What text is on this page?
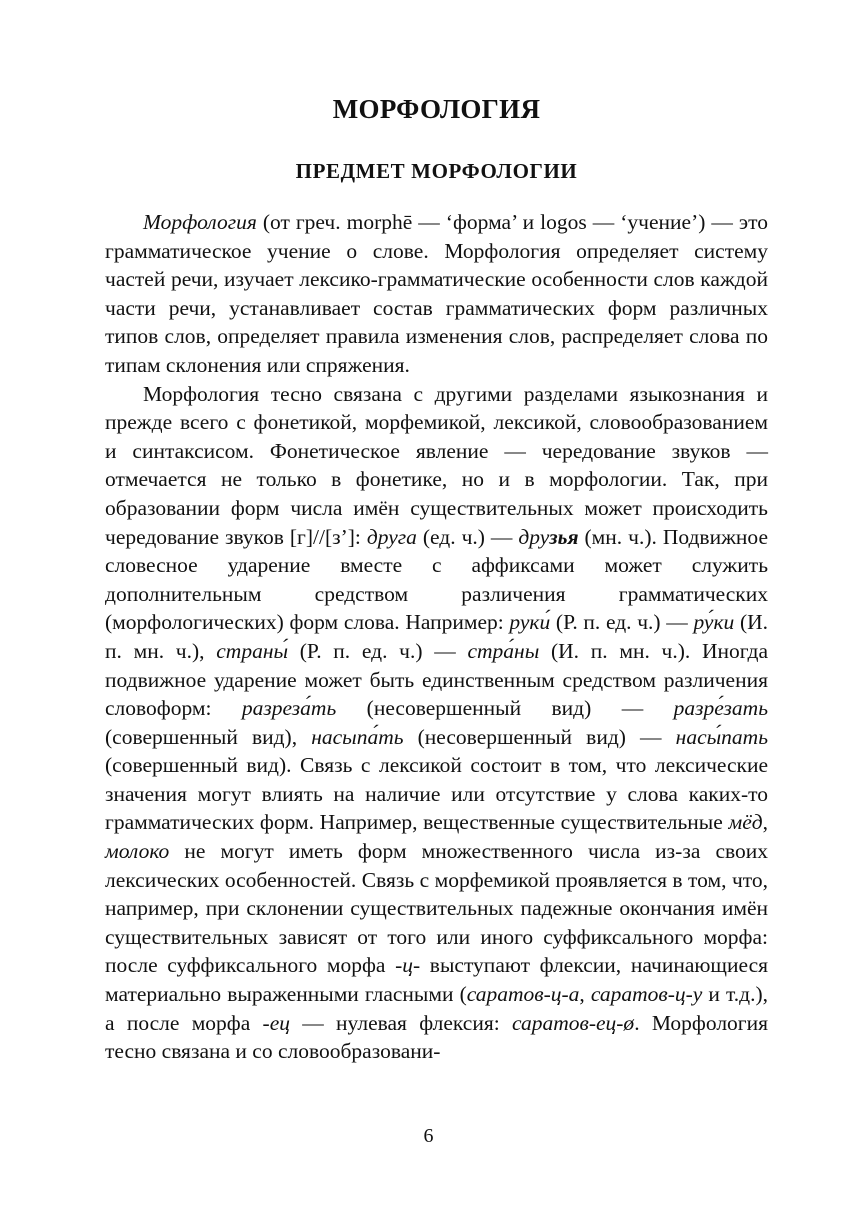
МОРФОЛОГИЯ
ПРЕДМЕТ МОРФОЛОГИИ

Морфология (от греч. morphē — ‘форма’ и logos — ‘учение’) — это грамматическое учение о слове. Морфология определяет систему частей речи, изучает лексико-грамматические особенности слов каждой части речи, устанавливает состав грамматических форм различных типов слов, определяет правила изменения слов, распределяет слова по типам склонения или спряжения.

Морфология тесно связана с другими разделами языкознания и прежде всего с фонетикой, морфемикой, лексикой, словообразованием и синтаксисом. Фонетическое явление — чередование звуков — отмечается не только в фонетике, но и в морфологии. Так, при образовании форм числа имён существительных может происходить чередование звуков [г]//[з’]: друга (ед. ч.) — друзья (мн. ч.). Подвижное словесное ударение вместе с аффиксами может служить дополнительным средством различения грамматических (морфологических) форм слова. Например: руки́ (Р. п. ед. ч.) — ру́ки (И. п. мн. ч.), страны́ (Р. п. ед. ч.) — стра́ны (И. п. мн. ч.). Иногда подвижное ударение может быть единственным средством различения словоформ: разреза́ть (несовершенный вид) — разре́зать (совершенный вид), насыпа́ть (несовершенный вид) — насы́пать (совершенный вид). Связь с лексикой состоит в том, что лексические значения могут влиять на наличие или отсутствие у слова каких-то грамматических форм. Например, вещественные существительные мёд, молоко не могут иметь форм множественного числа из-за своих лексических особенностей. Связь с морфемикой проявляется в том, что, например, при склонении существительных падежные окончания имён существительных зависят от того или иного суффиксального морфа: после суффиксального морфа -ц- выступают флексии, начинающиеся материально выраженными гласными (саратов-ц-а, саратов-ц-у и т.д.), а после морфа -ец — нулевая флексия: саратов-ец-ø. Морфология тесно связана и со словообразовани-

6
